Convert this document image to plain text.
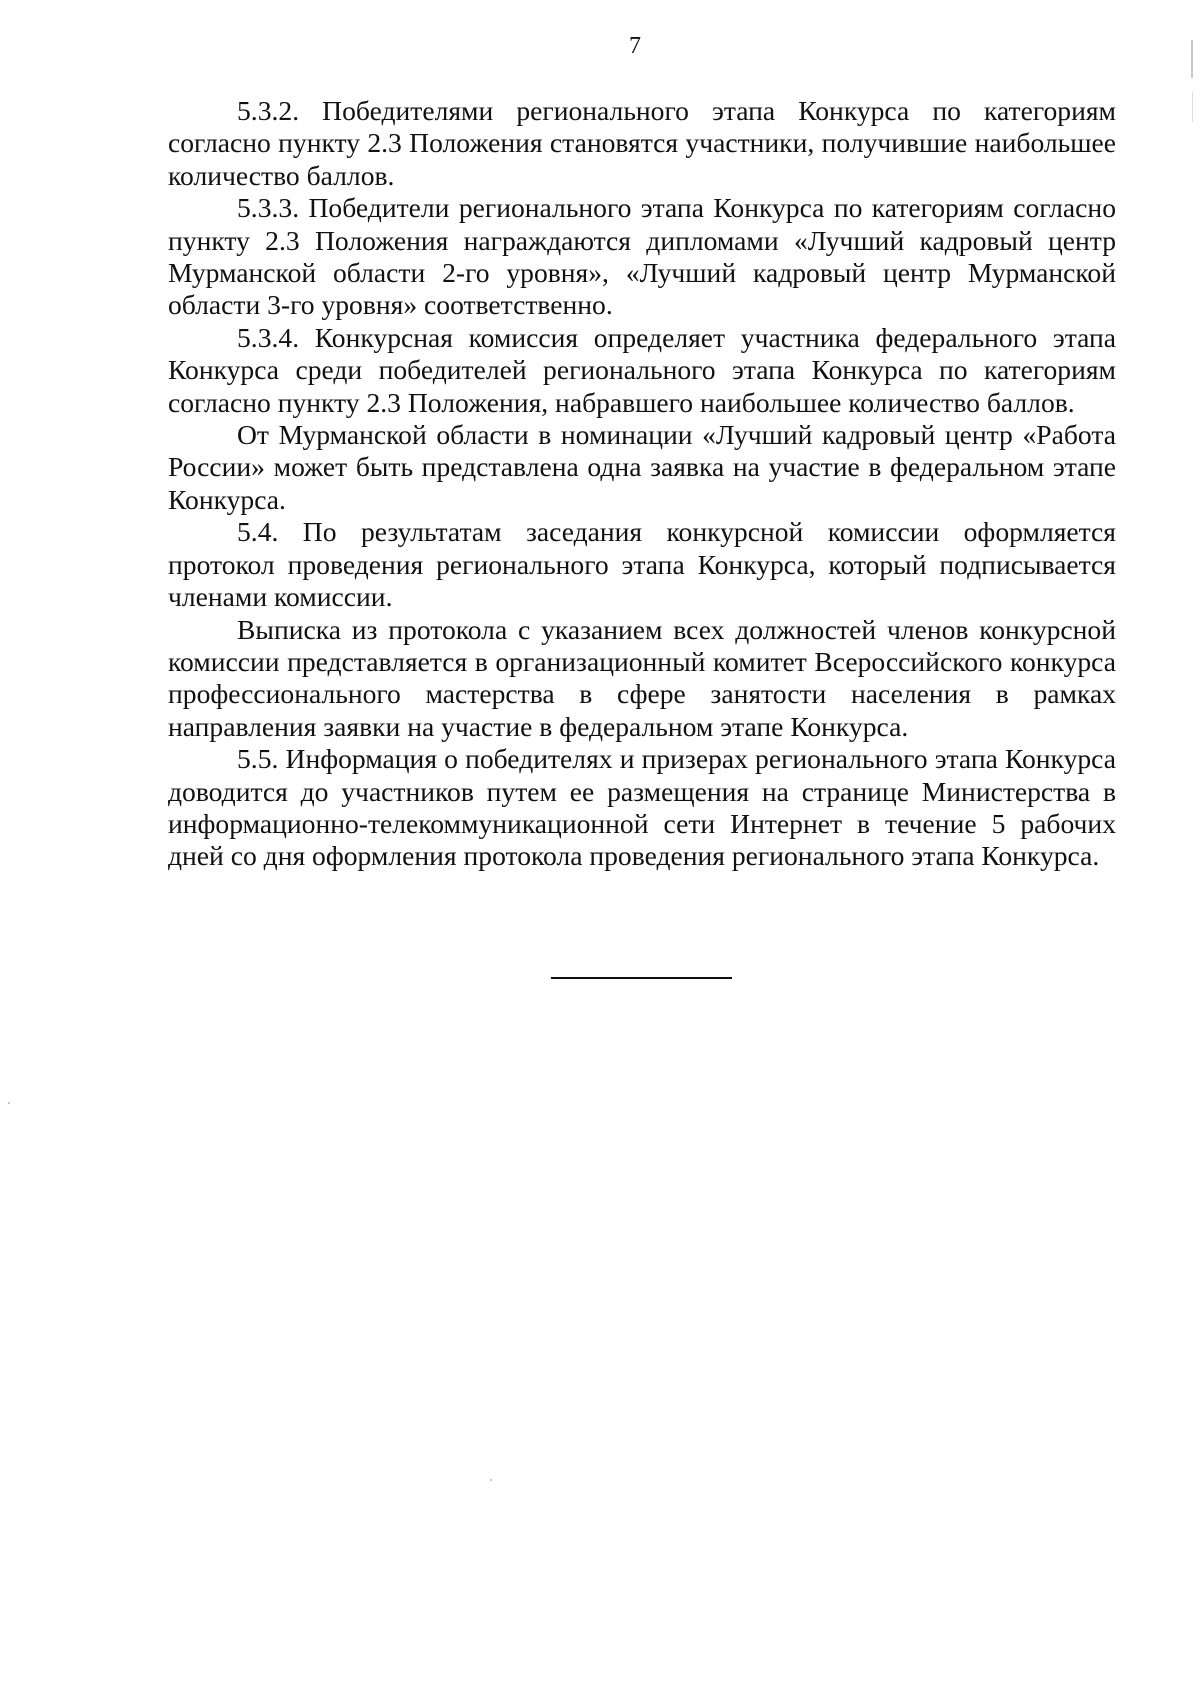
7

5.3.2. Победителями регионального этапа Конкурса по категориям согласно пункту 2.3 Положения становятся участники, получившие наибольшее количество баллов.

5.3.3. Победители регионального этапа Конкурса по категориям согласно пункту 2.3 Положения награждаются дипломами «Лучший кадровый центр Мурманской области 2-го уровня», «Лучший кадровый центр Мурманской области 3-го уровня» соответственно.

5.3.4. Конкурсная комиссия определяет участника федерального этапа Конкурса среди победителей регионального этапа Конкурса по категориям согласно пункту 2.3 Положения, набравшего наибольшее количество баллов.

От Мурманской области в номинации «Лучший кадровый центр «Работа России» может быть представлена одна заявка на участие в федеральном этапе Конкурса.

5.4. По результатам заседания конкурсной комиссии оформляется протокол проведения регионального этапа Конкурса, который подписывается членами комиссии.

Выписка из протокола с указанием всех должностей членов конкурсной комиссии представляется в организационный комитет Всероссийского конкурса профессионального мастерства в сфере занятости населения в рамках направления заявки на участие в федеральном этапе Конкурса.

5.5. Информация о победителях и призерах регионального этапа Конкурса доводится до участников путем ее размещения на странице Министерства в информационно-телекоммуникационной сети Интернет в течение 5 рабочих дней со дня оформления протокола проведения регионального этапа Конкурса.
